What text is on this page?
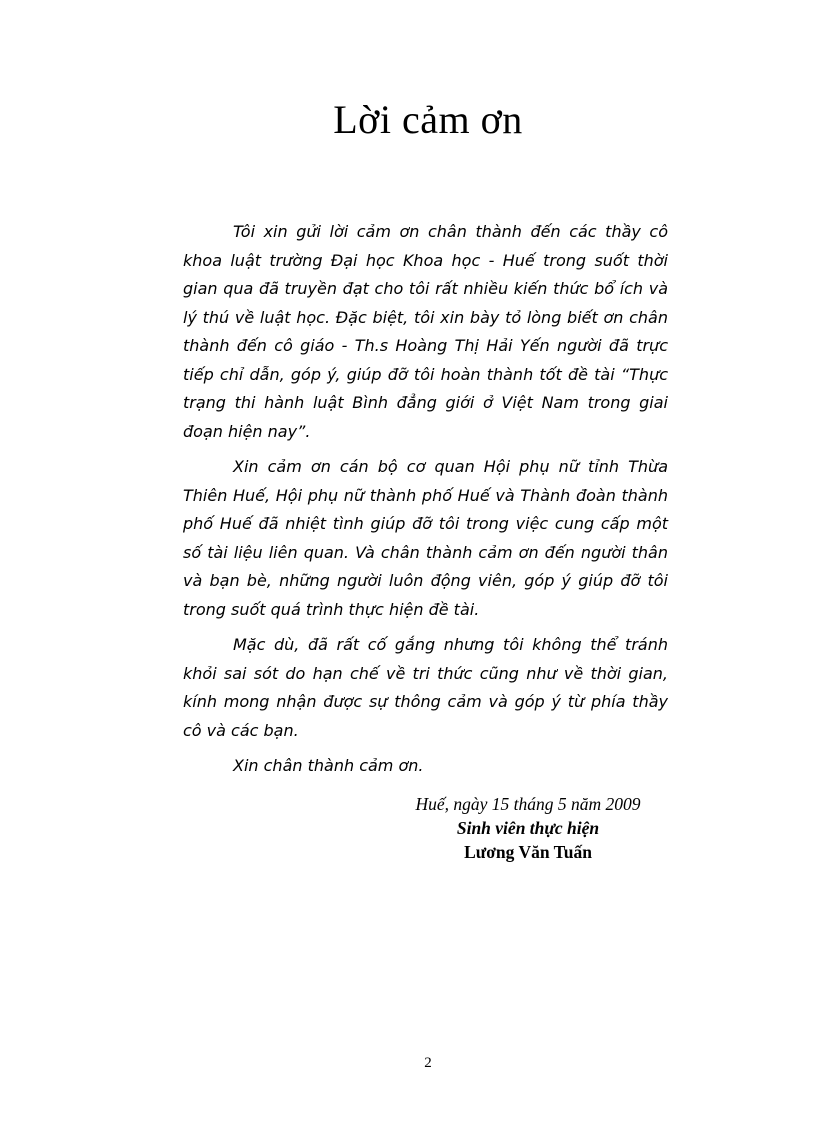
Lời cảm ơn

Tôi xin gửi lời cảm ơn chân thành đến các thầy cô khoa luật trường Đại học Khoa học - Huế trong suốt thời gian qua đã truyền đạt cho tôi rất nhiều kiến thức bổ ích và lý thú về luật học. Đặc biệt, tôi xin bày tỏ lòng biết ơn chân thành đến cô giáo - Th.s Hoàng Thị Hải Yến người đã trực tiếp chỉ dẫn, góp ý, giúp đỡ tôi hoàn thành tốt đề tài “Thực trạng thi hành luật Bình đẳng giới ở Việt Nam trong giai đoạn hiện nay”.

Xin cảm ơn cán bộ cơ quan Hội phụ nữ tỉnh Thừa Thiên Huế, Hội phụ nữ thành phố Huế và Thành đoàn thành phố Huế đã nhiệt tình giúp đỡ tôi trong việc cung cấp một số tài liệu liên quan. Và chân thành cảm ơn đến người thân và bạn bè, những người luôn động viên, góp ý giúp đỡ tôi trong suốt quá trình thực hiện đề tài.

Mặc dù, đã rất cố gắng nhưng tôi không thể tránh khỏi sai sót do hạn chế về tri thức cũng như về thời gian, kính mong nhận được sự thông cảm và góp ý từ phía thầy cô và các bạn.

Xin chân thành cảm ơn.

Huế, ngày 15 tháng 5 năm 2009
Sinh viên thực hiện
Lương Văn Tuấn
2
